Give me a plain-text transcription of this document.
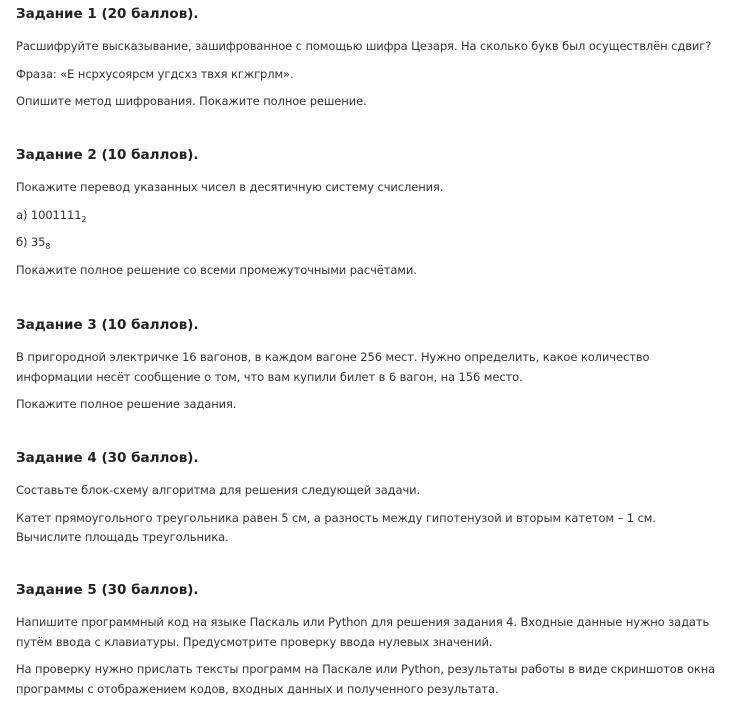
Задание 1 (20 баллов).

Расшифруйте высказывание, зашифрованное с помощью шифра Цезаря. На сколько букв был осуществлён сдвиг?

Фраза: «Е нсрхусоярсм угдсхз твхя кгжгрлм».

Опишите метод шифрования. Покажите полное решение.

Задание 2 (10 баллов).

Покажите перевод указанных чисел в десятичную систему счисления.

а) $1001111_2$

б) $35_8$

Покажите полное решение со всеми промежуточными расчётами.

Задание 3 (10 баллов).

В пригородной электричке 16 вагонов, в каждом вагоне 256 мест. Нужно определить, какое количество информации несёт сообщение о том, что вам купили билет в 6 вагон, на 156 место.

Покажите полное решение задания.

Задание 4 (30 баллов).

Составьте блок-схему алгоритма для решения следующей задачи.

Катет прямоугольного треугольника равен 5 см, а разность между гипотенузой и вторым катетом – 1 см. Вычислите площадь треугольника.

Задание 5 (30 баллов).

Напишите программный код на языке Паскаль или Python для решения задания 4. Входные данные нужно задать путём ввода с клавиатуры. Предусмотрите проверку ввода нулевых значений.

На проверку нужно прислать тексты программ на Паскале или Python, результаты работы в виде скриншотов окна программы с отображением кодов, входных данных и полученного результата.
